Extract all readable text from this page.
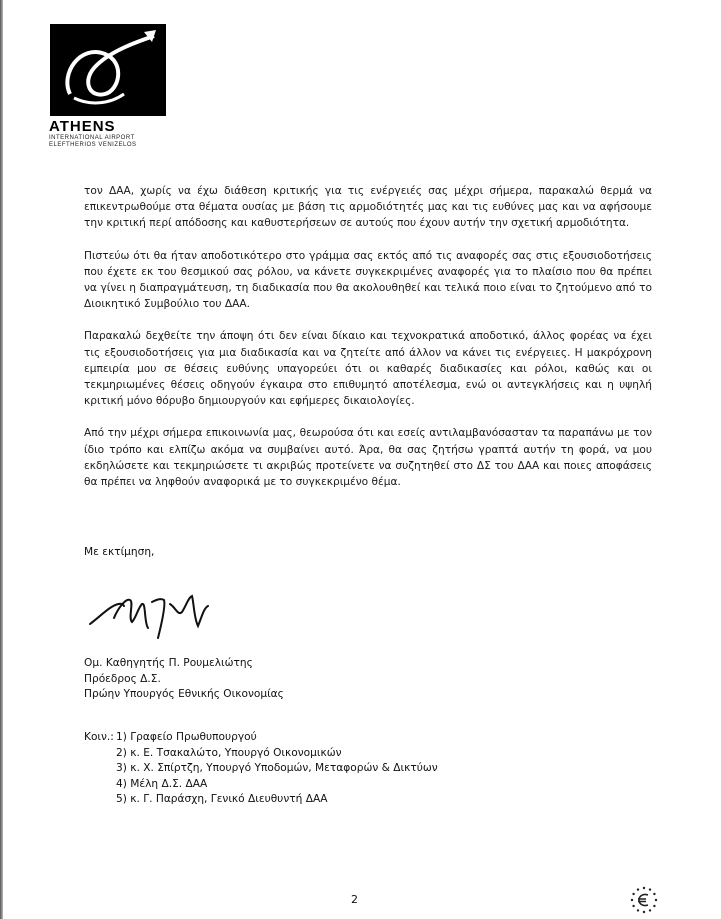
ATHENS
INTERNATIONAL AIRPORT
ELEFTHERIOS VENIZELOS

τον ΔΑΑ, χωρίς να έχω διάθεση κριτικής για τις ενέργειές σας μέχρι σήμερα, παρακαλώ θερμά να επικεντρωθούμε στα θέματα ουσίας με βάση τις αρμοδιότητές μας και τις ευθύνες μας και να αφήσουμε την κριτική περί απόδοσης και καθυστερήσεων σε αυτούς που έχουν αυτήν την σχετική αρμοδιότητα.

Πιστεύω ότι θα ήταν αποδοτικότερο στο γράμμα σας εκτός από τις αναφορές σας στις εξουσιοδοτήσεις που έχετε εκ του θεσμικού σας ρόλου, να κάνετε συγκεκριμένες αναφορές για το πλαίσιο που θα πρέπει να γίνει η διαπραγμάτευση, τη διαδικασία που θα ακολουθηθεί και τελικά ποιο είναι το ζητούμενο από το Διοικητικό Συμβούλιο του ΔΑΑ.

Παρακαλώ δεχθείτε την άποψη ότι δεν είναι δίκαιο και τεχνοκρατικά αποδοτικό, άλλος φορέας να έχει τις εξουσιοδοτήσεις για μια διαδικασία και να ζητείτε από άλλον να κάνει τις ενέργειες. Η μακρόχρονη εμπειρία μου σε θέσεις ευθύνης υπαγορεύει ότι οι καθαρές διαδικασίες και ρόλοι, καθώς και οι τεκμηριωμένες θέσεις οδηγούν έγκαιρα στο επιθυμητό αποτέλεσμα, ενώ οι αντεγκλήσεις και η υψηλή κριτική μόνο θόρυβο δημιουργούν και εφήμερες δικαιολογίες.

Από την μέχρι σήμερα επικοινωνία μας, θεωρούσα ότι και εσείς αντιλαμβανόσασταν τα παραπάνω με τον ίδιο τρόπο και ελπίζω ακόμα να συμβαίνει αυτό. Άρα, θα σας ζητήσω γραπτά αυτήν τη φορά, να μου εκδηλώσετε και τεκμηριώσετε τι ακριβώς προτείνετε να συζητηθεί στο ΔΣ του ΔΑΑ και ποιες αποφάσεις θα πρέπει να ληφθούν αναφορικά με το συγκεκριμένο θέμα.

Με εκτίμηση,
Ομ. Καθηγητής Π. Ρουμελιώτης
Πρόεδρος Δ.Σ.
Πρώην Υπουργός Εθνικής Οικονομίας
Κοιν.: 1) Γραφείο Πρωθυπουργού
2) κ. Ε. Τσακαλώτο, Υπουργό Οικονομικών
3) κ. Χ. Σπίρτζη, Υπουργό Υποδομών, Μεταφορών & Δικτύων
4) Μέλη Δ.Σ. ΔΑΑ
5) κ. Γ. Παράσχη, Γενικό Διευθυντή ΔΑΑ
2
